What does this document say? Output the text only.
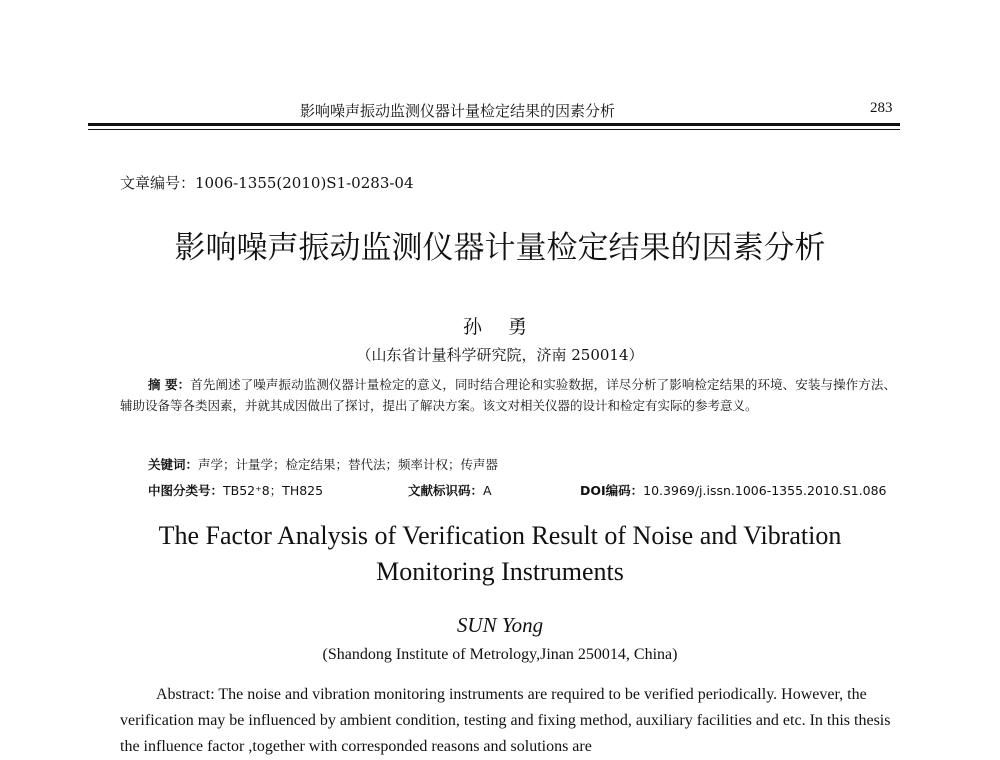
影响噪声振动监测仪器计量检定结果的因素分析	283
文章编号：1006-1355(2010)S1-0283-04
影响噪声振动监测仪器计量检定结果的因素分析
孙 勇
（山东省计量科学研究院，济南 250014）
摘 要：首先阐述了噪声振动监测仪器计量检定的意义，同时结合理论和实验数据，详尽分析了影响检定结果的环境、安装与操作方法、辅助设备等各类因素，并就其成因做出了探讨，提出了解决方案。该文对相关仪器的设计和检定有实际的参考意义。
关键词：声学；计量学；检定结果；替代法；频率计权；传声器
中图分类号：TB52⁺8；TH825	文献标识码：A	DOI编码：10.3969/j.issn.1006-1355.2010.S1.086
The Factor Analysis of Verification Result of Noise and Vibration
Monitoring Instruments
SUN Yong
(Shandong Institute of Metrology,Jinan 250014, China)
Abstract: The noise and vibration monitoring instruments are required to be verified periodically. However, the verification may be influenced by ambient condition, testing and fixing method, auxiliary facilities and etc. In this thesis the influence factor ,together with corresponded reasons and solutions are
